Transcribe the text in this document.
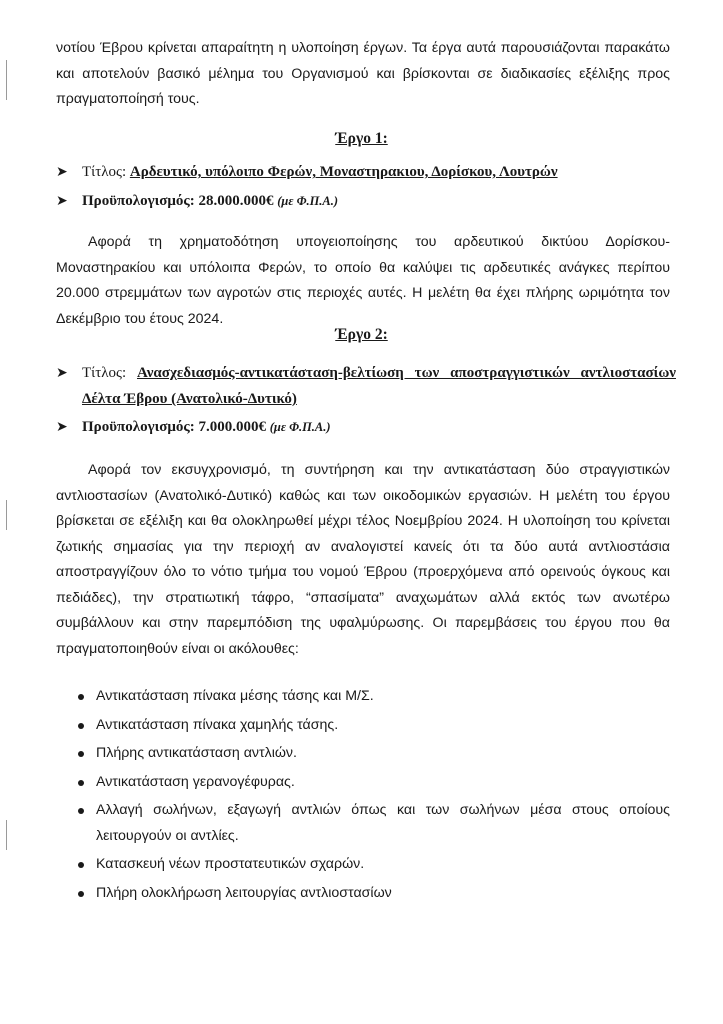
νοτίου Έβρου κρίνεται απαραίτητη η υλοποίηση έργων. Τα έργα αυτά παρουσιάζονται παρακάτω και αποτελούν βασικό μέλημα του Οργανισμού και βρίσκονται σε διαδικασίες εξέλιξης προς πραγματοποίησή τους.

Έργο 1:
➤ Τίτλος: Αρδευτικό, υπόλοιπο Φερών, Μοναστηρακιου, Δορίσκου, Λουτρών
➤ Προϋπολογισμός: 28.000.000€ (με Φ.Π.Α.)

Αφορά τη χρηματοδότηση υπογειοποίησης του αρδευτικού δικτύου Δορίσκου-Μοναστηρακίου και υπόλοιπα Φερών, το οποίο θα καλύψει τις αρδευτικές ανάγκες περίπου 20.000 στρεμμάτων των αγροτών στις περιοχές αυτές. Η μελέτη θα έχει πλήρης ωριμότητα τον Δεκέμβριο του έτους 2024.

Έργο 2:
➤ Τίτλος: Ανασχεδιασμός-αντικατάσταση-βελτίωση των αποστραγγιστικών αντλιοστασίων Δέλτα Έβρου (Ανατολικό-Δυτικό)
➤ Προϋπολογισμός: 7.000.000€ (με Φ.Π.Α.)

Αφορά τον εκσυγχρονισμό, τη συντήρηση και την αντικατάσταση δύο στραγγιστικών αντλιοστασίων (Ανατολικό-Δυτικό) καθώς και των οικοδομικών εργασιών. Η μελέτη του έργου βρίσκεται σε εξέλιξη και θα ολοκληρωθεί μέχρι τέλος Νοεμβρίου 2024. Η υλοποίηση του κρίνεται ζωτικής σημασίας για την περιοχή αν αναλογιστεί κανείς ότι τα δύο αυτά αντλιοστάσια αποστραγγίζουν όλο το νότιο τμήμα του νομού Έβρου (προερχόμενα από ορεινούς όγκους και πεδιάδες), την στρατιωτική τάφρο, “σπασίματα” αναχωμάτων αλλά εκτός των ανωτέρω συμβάλλουν και στην παρεμπόδιση της υφαλμύρωσης. Οι παρεμβάσεις του έργου που θα πραγματοποιηθούν είναι οι ακόλουθες:

Αντικατάσταση πίνακα μέσης τάσης και Μ/Σ.
Αντικατάσταση πίνακα χαμηλής τάσης.
Πλήρης αντικατάσταση αντλιών.
Αντικατάσταση γερανογέφυρας.
Αλλαγή σωλήνων, εξαγωγή αντλιών όπως και των σωλήνων μέσα στους οποίους λειτουργούν οι αντλίες.
Κατασκευή νέων προστατευτικών σχαρών.
Πλήρη ολοκλήρωση λειτουργίας αντλιοστασίων
